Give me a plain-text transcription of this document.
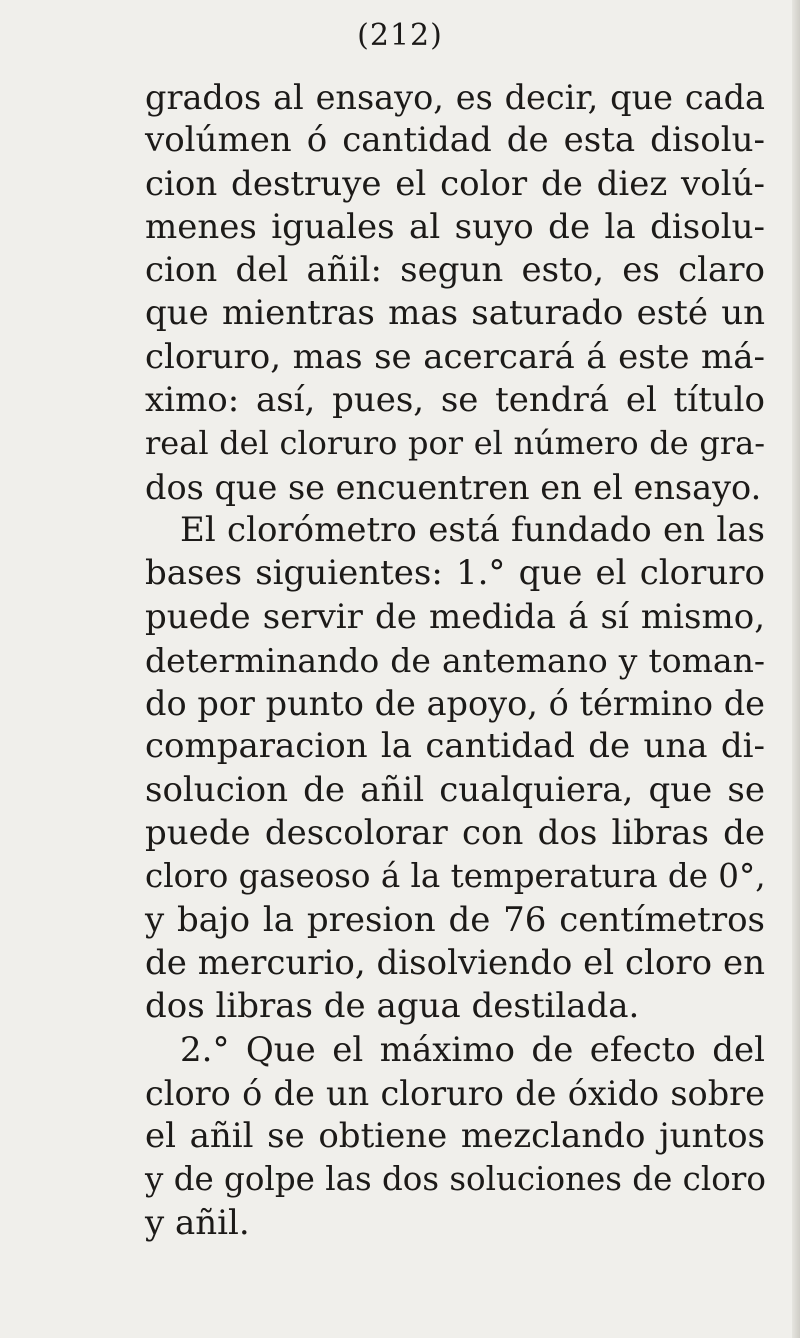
(212)
grados al ensayo, es decir, que cada
volúmen ó cantidad de esta disolu-
cion destruye el color de diez volú-
menes iguales al suyo de la disolu-
cion del añil: segun esto, es claro
que mientras mas saturado esté un
cloruro, mas se acercará á este má-
ximo: así, pues, se tendrá el título
real del cloruro por el número de gra-
dos que se encuentren en el ensayo.
El clorómetro está fundado en las
bases siguientes: 1.° que el cloruro
puede servir de medida á sí mismo,
determinando de antemano y toman-
do por punto de apoyo, ó término de
comparacion la cantidad de una di-
solucion de añil cualquiera, que se
puede descolorar con dos libras de
cloro gaseoso á la temperatura de 0°,
y bajo la presion de 76 centímetros
de mercurio, disolviendo el cloro en
dos libras de agua destilada.
2.° Que el máximo de efecto del
cloro ó de un cloruro de óxido sobre
el añil se obtiene mezclando juntos
y de golpe las dos soluciones de cloro
y añil.
